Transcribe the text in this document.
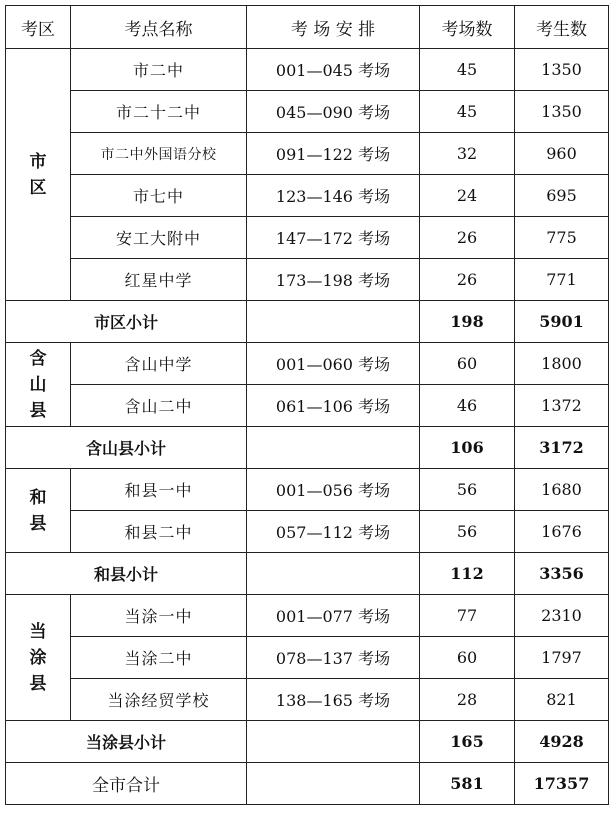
考区	考点名称	考 场 安 排	考场数	考生数

市
区	市二中	001—045 考场	45	1350
	市二十二中	045—090 考场	45	1350
	市二中外国语分校	091—122 考场	32	960
	市七中	123—146 考场	24	695
	安工大附中	147—172 考场	26	775
	红星中学	173—198 考场	26	771
市区小计			198	5901

含
山
县	含山中学	001—060 考场	60	1800
	含山二中	061—106 考场	46	1372
含山县小计			106	3172

和
县	和县一中	001—056 考场	56	1680
	和县二中	057—112 考场	56	1676
和县小计			112	3356

当
涂
县	当涂一中	001—077 考场	77	2310
	当涂二中	078—137 考场	60	1797
	当涂经贸学校	138—165 考场	28	821
当涂县小计			165	4928
全市合计			581	17357
